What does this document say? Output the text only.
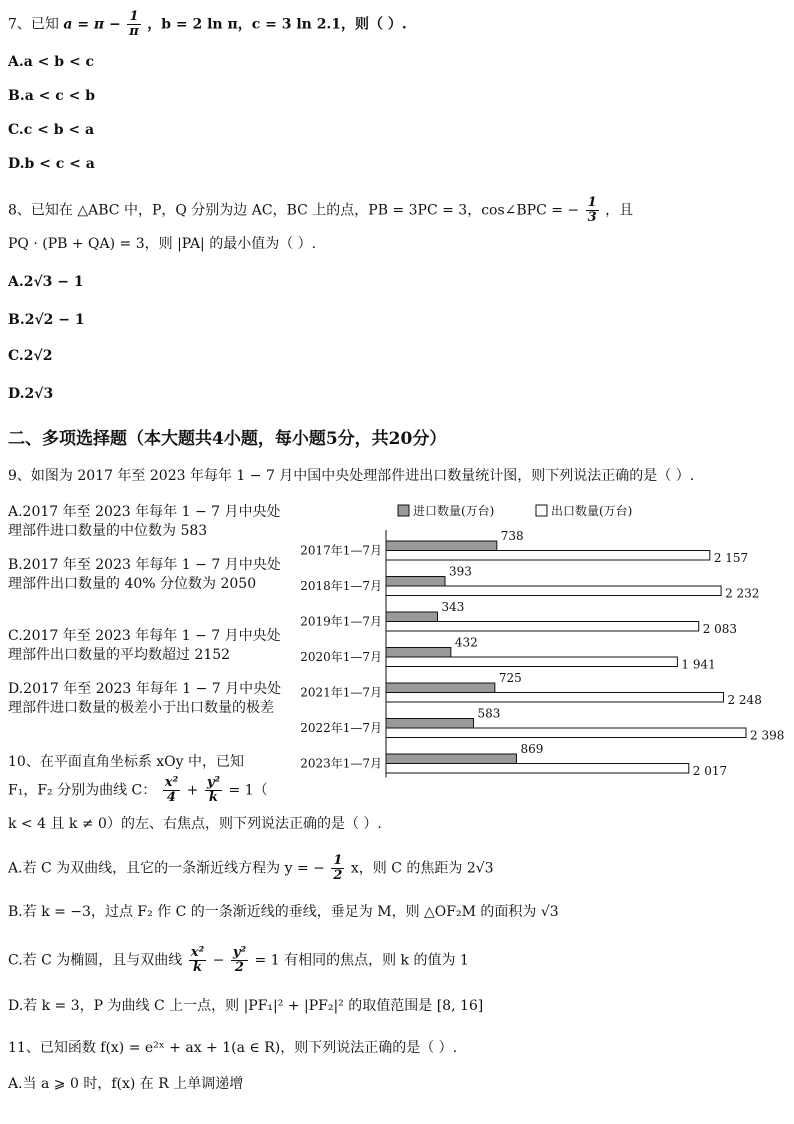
7、已知 $a = \pi - \frac{1}{\pi}$ ，b = 2 ln π，c = 3 ln 2.1，则（ ）.
A.a < b < c
B.a < c < b
C.c < b < a
D.b < c < a
8、已知在 △ABC 中，P，Q 分别为边 AC，BC 上的点，PB = 3PC = 3，cos∠BPC = − $\frac{1}{3}$ ，且
PQ · (PB + QA) = 3，则 |PA| 的最小值为（ ）.
A.2√3 − 1
B.2√2 − 1
C.2√2
D.2√3
二、多项选择题（本大题共4小题，每小题5分，共20分）
9、如图为 2017 年至 2023 年每年 1 − 7 月中国中央处理部件进出口数量统计图，则下列说法正确的是（ ）.
A.2017 年至 2023 年每年 1 − 7 月中央处理部件进口数量的中位数为 583
B.2017 年至 2023 年每年 1 − 7 月中央处理部件出口数量的 40% 分位数为 2050
C.2017 年至 2023 年每年 1 − 7 月中央处理部件出口数量的平均数超过 2152
D.2017 年至 2023 年每年 1 − 7 月中央处理部件进口数量的极差小于出口数量的极差
进口数量(万台)	出口数量(万台)
2017年1—7月
738
2 157
2018年1—7月
393
2 232
2019年1—7月
343
2 083
2020年1—7月
432
1 941
2021年1—7月
725
2 248
2022年1—7月
583
2 398
2023年1—7月
869
2 017
10、在平面直角坐标系 xOy 中，已知
F₁，F₂ 分别为曲线 C： $\frac{\text{x²}}{4} + \frac{\text{y²}}{k} = 1$（
k < 4 且 k ≠ 0）的左、右焦点，则下列说法正确的是（ ）.
A.若 C 为双曲线，且它的一条渐近线方程为 y = − $\frac{1}{2}$ x，则 C 的焦距为 2√3
B.若 k = −3，过点 F₂ 作 C 的一条渐近线的垂线，垂足为 M，则 △OF₂M 的面积为 √3
C.若 C 为椭圆，且与双曲线 $\frac{\text{x²}}{k} - \frac{\text{y²}}{2} = 1$ 有相同的焦点，则 k 的值为 1
D.若 k = 3，P 为曲线 C 上一点，则 |PF₁|² + |PF₂|² 的取值范围是 [8, 16]
11、已知函数 f(x) = e²ˣ + ax + 1(a ∈ R)，则下列说法正确的是（ ）.
A.当 a ⩾ 0 时，f(x) 在 R 上单调递增
